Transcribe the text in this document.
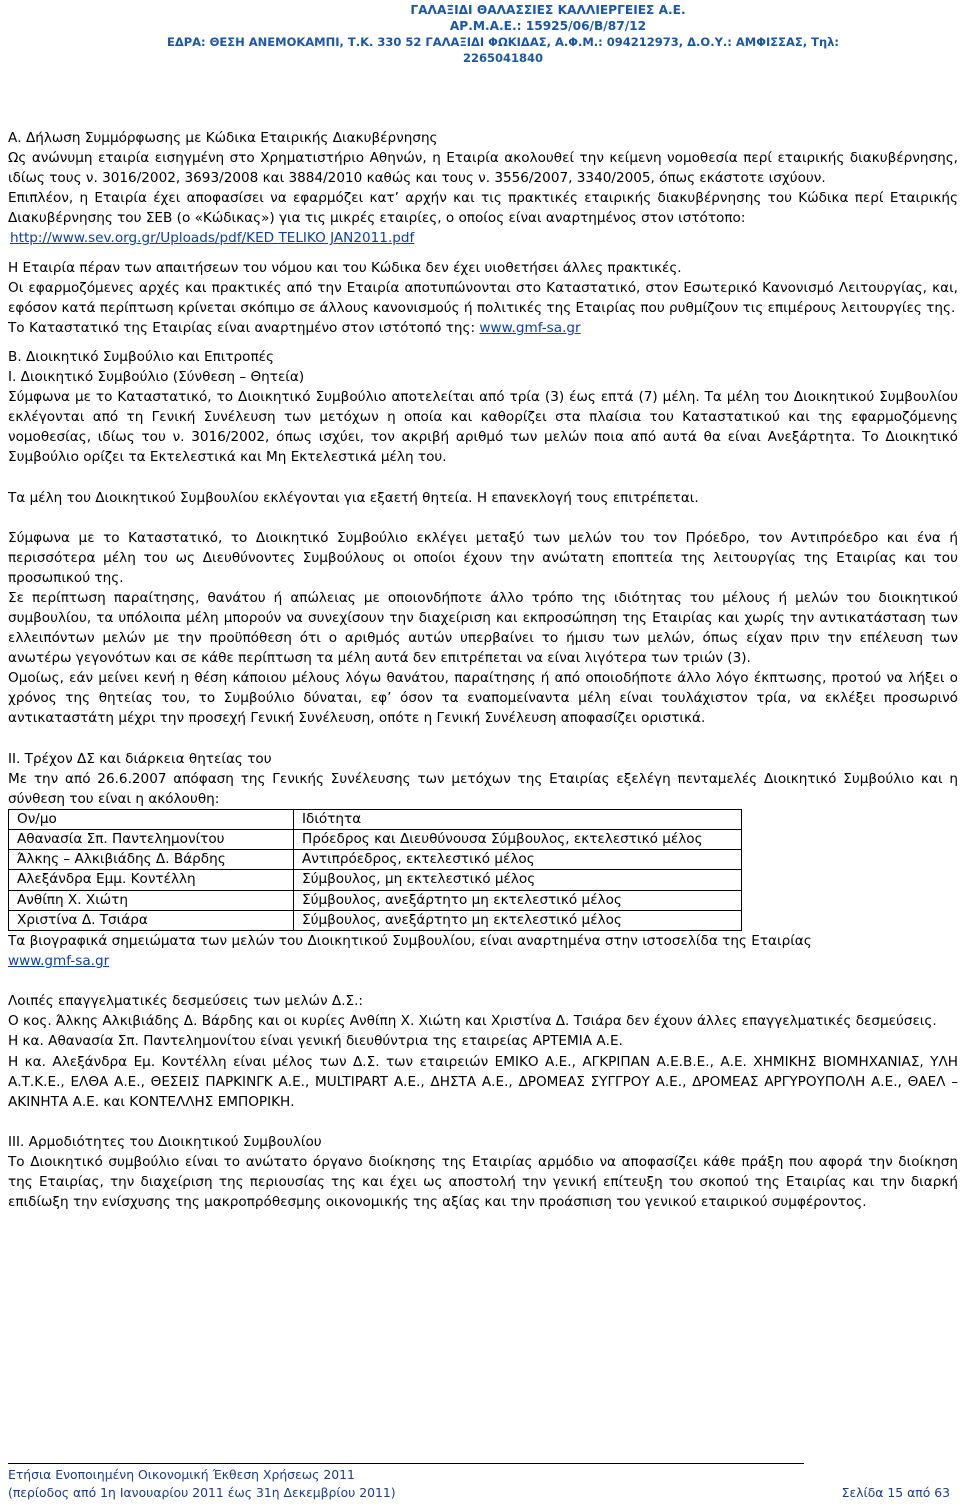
ΓΑΛΑΞΙΔΙ ΘΑΛΑΣΣΙΕΣ ΚΑΛΛΙΕΡΓΕΙΕΣ Α.Ε.
ΑΡ.Μ.Α.Ε.: 15925/06/Β/87/12
ΕΔΡΑ: ΘΕΣΗ ΑΝΕΜΟΚΑΜΠΙ, Τ.Κ. 330 52 ΓΑΛΑΞΙΔΙ ΦΩΚΙΔΑΣ, Α.Φ.Μ.: 094212973, Δ.Ο.Υ.: ΑΜΦΙΣΣΑΣ, Τηλ: 2265041840

Α. Δήλωση Συμμόρφωσης με Κώδικα Εταιρικής Διακυβέρνησης

Ως ανώνυμη εταιρία εισηγμένη στο Χρηματιστήριο Αθηνών, η Εταιρία ακολουθεί την κείμενη νομοθεσία περί εταιρικής διακυβέρνησης, ιδίως τους ν. 3016/2002, 3693/2008 και 3884/2010 καθώς και τους ν. 3556/2007, 3340/2005, όπως εκάστοτε ισχύουν.

Επιπλέον, η Εταιρία έχει αποφασίσει να εφαρμόζει κατ’ αρχήν και τις πρακτικές εταιρικής διακυβέρνησης του Κώδικα περί Εταιρικής Διακυβέρνησης του ΣΕΒ (ο «Κώδικας») για τις μικρές εταιρίες, ο οποίος είναι αναρτημένος στον ιστότοπο:
http://www.sev.org.gr/Uploads/pdf/KED TELIKO JAN2011.pdf

Η Εταιρία πέραν των απαιτήσεων του νόμου και του Κώδικα δεν έχει υιοθετήσει άλλες πρακτικές.

Οι εφαρμοζόμενες αρχές και πρακτικές από την Εταιρία αποτυπώνονται στο Καταστατικό, στον Εσωτερικό Κανονισμό Λειτουργίας, και, εφόσον κατά περίπτωση κρίνεται σκόπιμο σε άλλους κανονισμούς ή πολιτικές της Εταιρίας που ρυθμίζουν τις επιμέρους λειτουργίες της.

Το Καταστατικό της Εταιρίας είναι αναρτημένο στον ιστότοπό της: www.gmf-sa.gr

Β. Διοικητικό Συμβούλιο και Επιτροπές

Ι. Διοικητικό Συμβούλιο (Σύνθεση – Θητεία)

Σύμφωνα με το Καταστατικό, το Διοικητικό Συμβούλιο αποτελείται από τρία (3) έως επτά (7) μέλη. Τα μέλη του Διοικητικού Συμβουλίου εκλέγονται από τη Γενική Συνέλευση των μετόχων η οποία και καθορίζει στα πλαίσια του Καταστατικού και της εφαρμοζόμενης νομοθεσίας, ιδίως του ν. 3016/2002, όπως ισχύει, τον ακριβή αριθμό των μελών ποια από αυτά θα είναι Ανεξάρτητα. Το Διοικητικό Συμβούλιο ορίζει τα Εκτελεστικά και Μη Εκτελεστικά μέλη του.

Τα μέλη του Διοικητικού Συμβουλίου εκλέγονται για εξαετή θητεία. Η επανεκλογή τους επιτρέπεται.

Σύμφωνα με το Καταστατικό, το Διοικητικό Συμβούλιο εκλέγει μεταξύ των μελών του τον Πρόεδρο, τον Αντιπρόεδρο και ένα ή περισσότερα μέλη του ως Διευθύνοντες Συμβούλους οι οποίοι έχουν την ανώτατη εποπτεία της λειτουργίας της Εταιρίας και του προσωπικού της.

Σε περίπτωση παραίτησης, θανάτου ή απώλειας με οποιονδήποτε άλλο τρόπο της ιδιότητας του μέλους ή μελών του διοικητικού συμβουλίου, τα υπόλοιπα μέλη μπορούν να συνεχίσουν την διαχείριση και εκπροσώπηση της Εταιρίας και χωρίς την αντικατάσταση των ελλειπόντων μελών με την προϋπόθεση ότι ο αριθμός αυτών υπερβαίνει το ήμισυ των μελών, όπως είχαν πριν την επέλευση των ανωτέρω γεγονότων και σε κάθε περίπτωση τα μέλη αυτά δεν επιτρέπεται να είναι λιγότερα των τριών (3).

Ομοίως, εάν μείνει κενή η θέση κάποιου μέλους λόγω θανάτου, παραίτησης ή από οποιοδήποτε άλλο λόγο έκπτωσης, προτού να λήξει ο χρόνος της θητείας του, το Συμβούλιο δύναται, εφ’ όσον τα εναπομείναντα μέλη είναι τουλάχιστον τρία, να εκλέξει προσωρινό αντικαταστάτη μέχρι την προσεχή Γενική Συνέλευση, οπότε η Γενική Συνέλευση αποφασίζει οριστικά.

ΙΙ. Τρέχον ΔΣ και διάρκεια θητείας του

Με την από 26.6.2007 απόφαση της Γενικής Συνέλευσης των μετόχων της Εταιρίας εξελέγη πενταμελές Διοικητικό Συμβούλιο και η σύνθεση του είναι η ακόλουθη:

Ον/μο	Ιδιότητα
Αθανασία Σπ. Παντελημονίτου	Πρόεδρος και Διευθύνουσα Σύμβουλος, εκτελεστικό μέλος
Άλκης – Αλκιβιάδης Δ. Βάρδης	Αντιπρόεδρος, εκτελεστικό μέλος
Αλεξάνδρα Εμμ. Κοντέλλη	Σύμβουλος, μη εκτελεστικό μέλος
Ανθίπη Χ. Χιώτη	Σύμβουλος, ανεξάρτητο μη εκτελεστικό μέλος
Χριστίνα Δ. Τσιάρα	Σύμβουλος, ανεξάρτητο μη εκτελεστικό μέλος

Τα βιογραφικά σημειώματα των μελών του Διοικητικού Συμβουλίου, είναι αναρτημένα στην ιστοσελίδα της Εταιρίας
www.gmf-sa.gr

Λοιπές επαγγελματικές δεσμεύσεις των μελών Δ.Σ.:

Ο κος. Άλκης Αλκιβιάδης Δ. Βάρδης και οι κυρίες Ανθίπη Χ. Χιώτη και Χριστίνα Δ. Τσιάρα δεν έχουν άλλες επαγγελματικές δεσμεύσεις.

Η κα. Αθανασία Σπ. Παντελημονίτου είναι γενική διευθύντρια της εταιρείας ΑΡΤΕΜΙΑ Α.Ε.

Η κα. Αλεξάνδρα Εμ. Κοντέλλη είναι μέλος των Δ.Σ. των εταιρειών ΕΜΙΚΟ Α.Ε., ΑΓΚΡΙΠΑΝ Α.Ε.Β.Ε., Α.Ε. ΧΗΜΙΚΗΣ ΒΙΟΜΗΧΑΝΙΑΣ, ΥΛΗ Α.Τ.Κ.Ε., ΕΛΘΑ Α.Ε., ΘΕΣΕΙΣ ΠΑΡΚΙΝΓΚ Α.Ε., MULTIPART Α.Ε., ΔΗΣΤΑ Α.Ε., ΔΡΟΜΕΑΣ ΣΥΓΓΡΟΥ Α.Ε., ΔΡΟΜΕΑΣ ΑΡΓΥΡΟΥΠΟΛΗ Α.Ε., ΘΑΕΛ – ΑΚΙΝΗΤΑ Α.Ε. και ΚΟΝΤΕΛΛΗΣ ΕΜΠΟΡΙΚΗ.

ΙΙΙ. Αρμοδιότητες του Διοικητικού Συμβουλίου

Το Διοικητικό συμβούλιο είναι το ανώτατο όργανο διοίκησης της Εταιρίας αρμόδιο να αποφασίζει κάθε πράξη που αφορά την διοίκηση της Εταιρίας, την διαχείριση της περιουσίας της και έχει ως αποστολή την γενική επίτευξη του σκοπού της Εταιρίας και την διαρκή επιδίωξη την ενίσχυσης της μακροπρόθεσμης οικονομικής της αξίας και την προάσπιση του γενικού εταιρικού συμφέροντος.

Ετήσια Ενοποιημένη Οικονομική Έκθεση Χρήσεως 2011
(περίοδος από 1η Ιανουαρίου 2011 έως 31η Δεκεμβρίου 2011)	Σελίδα 15 από 63
